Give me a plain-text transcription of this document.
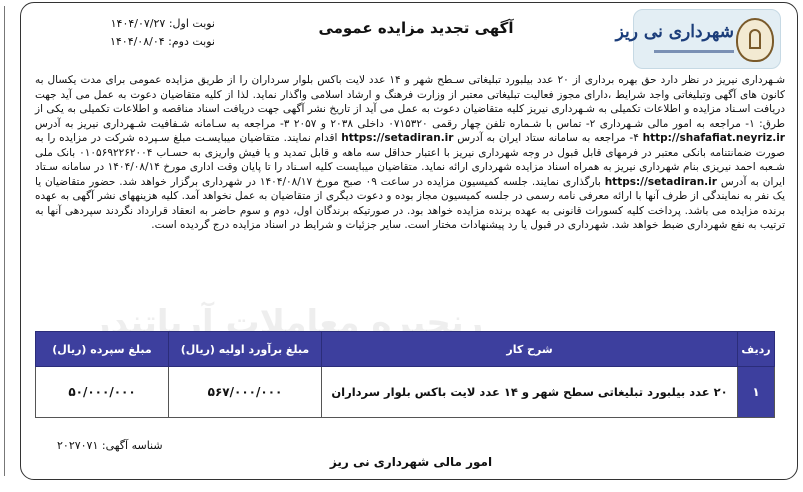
شهرداری نی ریز
آگهی تجدید مزایده عمومی
نوبت اول: ۱۴۰۴/۰۷/۲۷
نوبت دوم: ۱۴۰۴/۰۸/۰۴
شـهرداری نیریز در نظر دارد حق بهره برداری از ۲۰ عدد بیلبورد تبلیغاتی سـطح شهر و ۱۴ عدد لایت باکس بلوار سرداران را از طریق مزایده عمومی برای مدت یکسال به کانون های آگهی وتبلیغاتی واجد شرایط ،دارای مجوز فعالیت تبلیغاتی معتبر از وزارت فرهنگ و ارشاد اسلامی واگذار نماید. لذا از کلیه متقاضیان دعوت به عمل می آید جهت دریافت اسـناد مزایده و اطلاعات تکمیلی به شـهرداری نیریز کلیه متقاضیان دعوت به عمل می آید از تاریخ نشر آگهی جهت دریافت اسناد مناقصه و اطلاعات تکمیلی به یکی از طرق: ۱- مراجعه به امور مالی شـهرداری ۲- تماس با شـماره تلفن چهار رقمی ۰۷۱۵۳۲۰ داخلی ۲۰۳۸ و ۲۰۵۷ ۳- مراجعه به سـامانه شـفافیت شـهرداری نیریز به آدرس http://shafafiat.neyriz.ir ۴- مراجعه به سامانه ستاد ایران به آدرس https://setadiran.ir اقدام نمایند. متقاضیان میبایسـت مبلغ سـپرده شرکت در مزایده را به صورت ضمانتنامه بانکی معتبر در فرمهای قابل قبول در وجه شهرداری نیریز با اعتبار حداقل سه ماهه و قابل تمدید و یا فیش واریزی به حسـاب ۰۱۰۵۶۹۲۲۶۲۰۰۴ بانک ملی شـعبه احمد نیریزی بنام شهرداری نیریز به همراه اسناد مزایده شهرداری ارائه نماید. متقاضیان میبایست کلیه اسـناد را تا پایان وقت اداری مورخ ۱۴۰۴/۰۸/۱۴ در سامانه سـتاد ایران به آدرس https://setadiran.ir بارگذاری نمایند. جلسه کمیسیون مزایده در ساعت ۰۹ صبح مورخ ۱۴۰۴/۰۸/۱۷ در شهرداری برگزار خواهد شد. حضور متقاضیان یا یک نفر به نمایندگی از طرف آنها با ارائه معرفی نامه رسمی در جلسه کمیسیون مجاز بوده و دعوت دیگری از متقاضیان به عمل نخواهد آمد. کلیه هزینههای نشر آگهی به عهده برنده مزایده می باشد. پرداخت کلیه کسورات قانونی به عهده برنده مزایده خواهد بود. در صورتیکه برندگان اول، دوم و سوم حاضر به انعقاد قرارداد نگردند سپردهی آنها به ترتیب به نفع شهرداری ضبط خواهد شد. شهرداری در قبول یا رد پیشنهادات مختار است. سایر جزئیات و شرایط در اسناد مزایده درج گردیده است.
رنجیره معاملات آریاتندر
ردیف	شرح کار	مبلغ برآورد اولیه (ریال)	مبلغ سپرده (ریال)
۱	۲۰ عدد بیلبورد تبلیغاتی سطح شهر و ۱۴ عدد لایت باکس بلوار سرداران	۵۶۷/۰۰۰/۰۰۰	۵۰/۰۰۰/۰۰۰
شناسه آگهی: ۲۰۲۷۰۷۱
امور مالی شهرداری نی ریز
